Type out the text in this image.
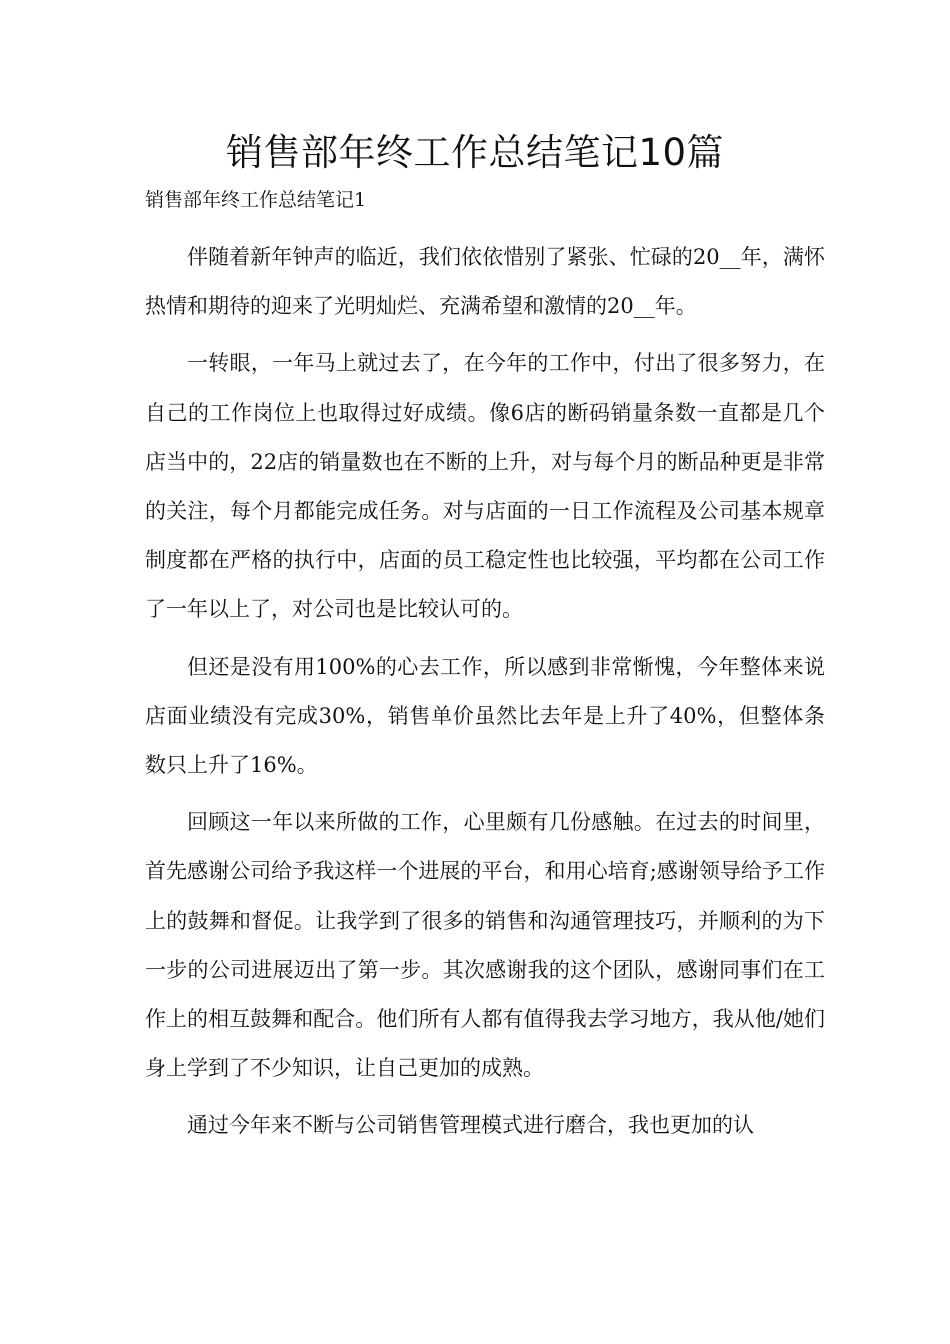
销售部年终工作总结笔记10篇
销售部年终工作总结笔记1

伴随着新年钟声的临近，我们依依惜别了紧张、忙碌的20__年，满怀热情和期待的迎来了光明灿烂、充满希望和激情的20__年。

一转眼，一年马上就过去了，在今年的工作中，付出了很多努力，在自己的工作岗位上也取得过好成绩。像6店的断码销量条数一直都是几个店当中的，22店的销量数也在不断的上升，对与每个月的断品种更是非常的关注，每个月都能完成任务。对与店面的一日工作流程及公司基本规章制度都在严格的执行中，店面的员工稳定性也比较强，平均都在公司工作了一年以上了，对公司也是比较认可的。

但还是没有用100%的心去工作，所以感到非常惭愧，今年整体来说店面业绩没有完成30%，销售单价虽然比去年是上升了40%，但整体条数只上升了16%。

回顾这一年以来所做的工作，心里颇有几份感触。在过去的时间里，首先感谢公司给予我这样一个进展的平台，和用心培育;感谢领导给予工作上的鼓舞和督促。让我学到了很多的销售和沟通管理技巧，并顺利的为下一步的公司进展迈出了第一步。其次感谢我的这个团队，感谢同事们在工作上的相互鼓舞和配合。他们所有人都有值得我去学习地方，我从他/她们身上学到了不少知识，让自己更加的成熟。

通过今年来不断与公司销售管理模式进行磨合，我也更加的认
